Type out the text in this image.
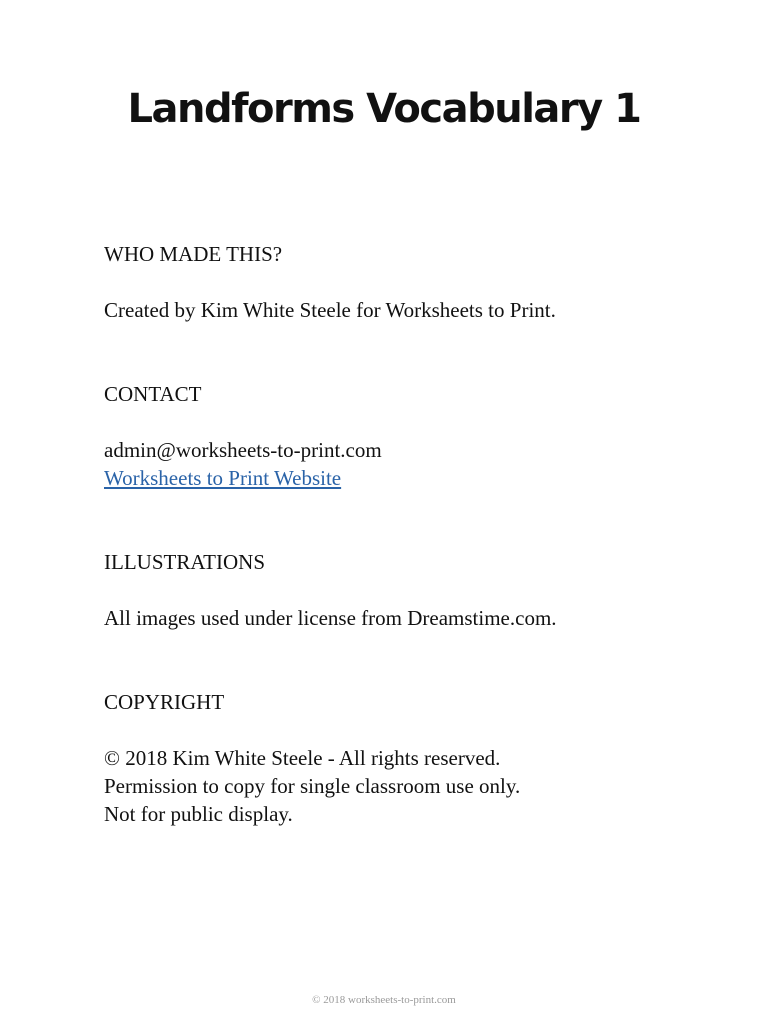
Landforms Vocabulary 1
WHO MADE THIS?
Created by Kim White Steele for Worksheets to Print.
CONTACT
admin@worksheets-to-print.com
Worksheets to Print Website
ILLUSTRATIONS
All images used under license from Dreamstime.com.
COPYRIGHT
© 2018 Kim White Steele - All rights reserved.
Permission to copy for single classroom use only.
Not for public display.
© 2018 worksheets-to-print.com
